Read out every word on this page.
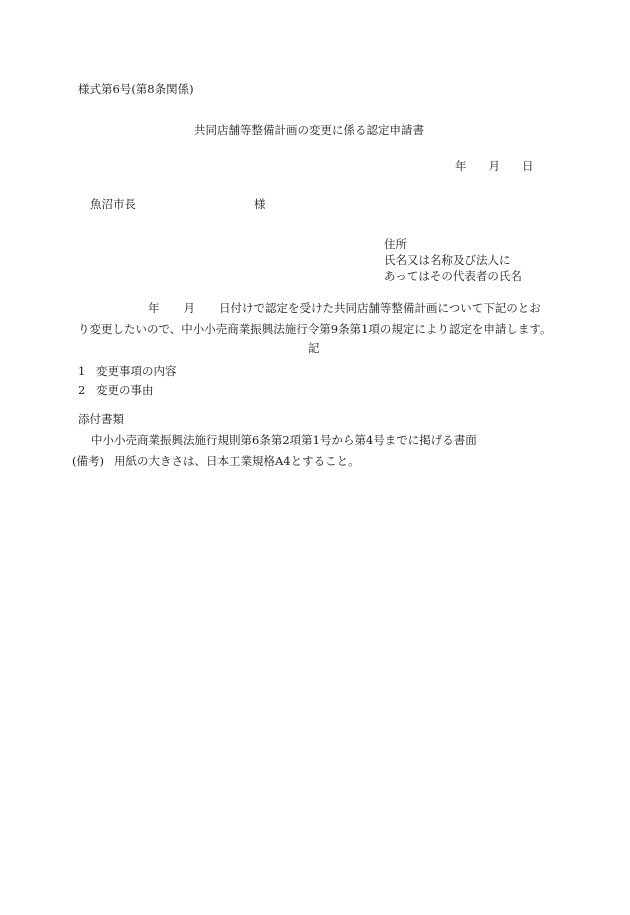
様式第6号(第8条関係)
共同店舗等整備計画の変更に係る認定申請書
年 月 日
魚沼市長	様
住所
氏名又は名称及び法人に
あってはその代表者の氏名
年 月 日付けで認定を受けた共同店舗等整備計画について下記のとお
り変更したいので、中小小売商業振興法施行令第9条第1項の規定により認定を申請します。
記
1 変更事項の内容
2 変更の事由
添付書類
中小小売商業振興法施行規則第6条第2項第1号から第4号までに掲げる書面
(備考) 用紙の大きさは、日本工業規格A4とすること。
